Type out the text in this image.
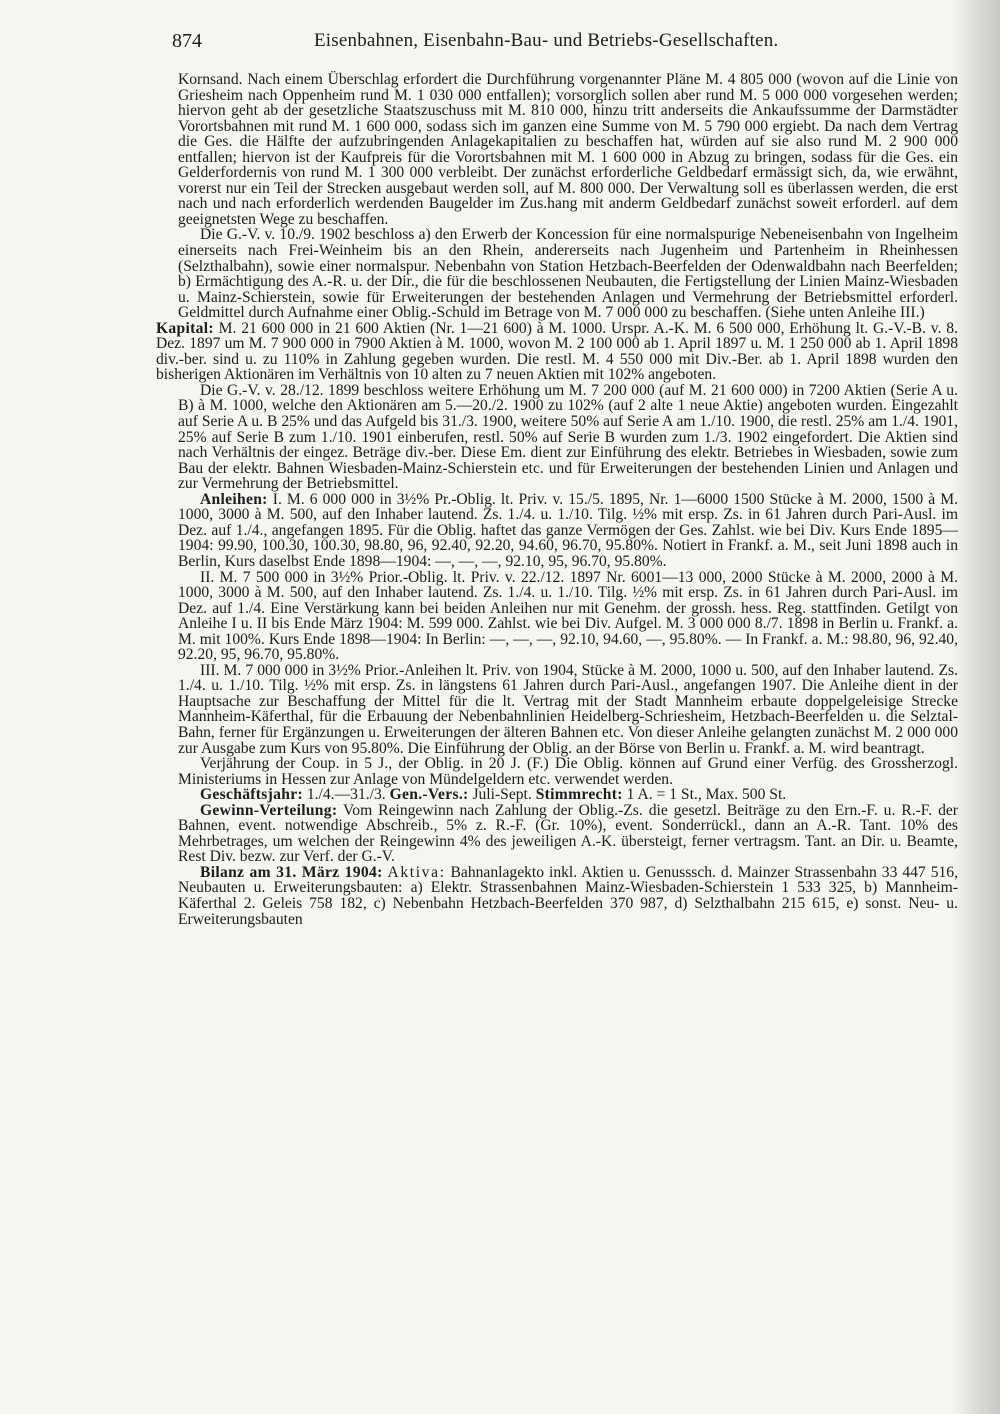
874	Eisenbahnen, Eisenbahn-Bau- und Betriebs-Gesellschaften.

Kornsand. Nach einem Überschlag erfordert die Durchführung vorgenannter Pläne M. 4 805 000 (wovon auf die Linie von Griesheim nach Oppenheim rund M. 1 030 000 entfallen); vorsorglich sollen aber rund M. 5 000 000 vorgesehen werden; hiervon geht ab der gesetzliche Staatszuschuss mit M. 810 000, hinzu tritt anderseits die Ankaufssumme der Darmstädter Vorortsbahnen mit rund M. 1 600 000, sodass sich im ganzen eine Summe von M. 5 790 000 ergiebt. Da nach dem Vertrag die Ges. die Hälfte der aufzubringenden Anlagekapitalien zu beschaffen hat, würden auf sie also rund M. 2 900 000 entfallen; hiervon ist der Kaufpreis für die Vorortsbahnen mit M. 1 600 000 in Abzug zu bringen, sodass für die Ges. ein Gelderfordernis von rund M. 1 300 000 verbleibt. Der zunächst erforderliche Geldbedarf ermässigt sich, da, wie erwähnt, vorerst nur ein Teil der Strecken ausgebaut werden soll, auf M. 800 000. Der Verwaltung soll es überlassen werden, die erst nach und nach erforderlich werdenden Baugelder im Zus.hang mit anderm Geldbedarf zunächst soweit erforderl. auf dem geeignetsten Wege zu beschaffen.

Die G.-V. v. 10./9. 1902 beschloss a) den Erwerb der Koncession für eine normalspurige Nebeneisenbahn von Ingelheim einerseits nach Frei-Weinheim bis an den Rhein, andererseits nach Jugenheim und Partenheim in Rheinhessen (Selzthalbahn), sowie einer normalspur. Nebenbahn von Station Hetzbach-Beerfelden der Odenwaldbahn nach Beerfelden; b) Ermächtigung des A.-R. u. der Dir., die für die beschlossenen Neubauten, die Fertigstellung der Linien Mainz-Wiesbaden u. Mainz-Schierstein, sowie für Erweiterungen der bestehenden Anlagen und Vermehrung der Betriebsmittel erforderl. Geldmittel durch Aufnahme einer Oblig.-Schuld im Betrage von M. 7 000 000 zu beschaffen. (Siehe unten Anleihe III.)

Kapital: M. 21 600 000 in 21 600 Aktien (Nr. 1—21 600) à M. 1000. Urspr. A.-K. M. 6 500 000, Erhöhung lt. G.-V.-B. v. 8. Dez. 1897 um M. 7 900 000 in 7900 Aktien à M. 1000, wovon M. 2 100 000 ab 1. April 1897 u. M. 1 250 000 ab 1. April 1898 div.-ber. sind u. zu 110% in Zahlung gegeben wurden. Die restl. M. 4 550 000 mit Div.-Ber. ab 1. April 1898 wurden den bisherigen Aktionären im Verhältnis von 10 alten zu 7 neuen Aktien mit 102% angeboten.

Die G.-V. v. 28./12. 1899 beschloss weitere Erhöhung um M. 7 200 000 (auf M. 21 600 000) in 7200 Aktien (Serie A u. B) à M. 1000, welche den Aktionären am 5.—20./2. 1900 zu 102% (auf 2 alte 1 neue Aktie) angeboten wurden. Eingezahlt auf Serie A u. B 25% und das Aufgeld bis 31./3. 1900, weitere 50% auf Serie A am 1./10. 1900, die restl. 25% am 1./4. 1901, 25% auf Serie B zum 1./10. 1901 einberufen, restl. 50% auf Serie B wurden zum 1./3. 1902 eingefordert. Die Aktien sind nach Verhältnis der eingez. Beträge div.-ber. Diese Em. dient zur Einführung des elektr. Betriebes in Wiesbaden, sowie zum Bau der elektr. Bahnen Wiesbaden-Mainz-Schierstein etc. und für Erweiterungen der bestehenden Linien und Anlagen und zur Vermehrung der Betriebsmittel.

Anleihen: I. M. 6 000 000 in 3½% Pr.-Oblig. lt. Priv. v. 15./5. 1895, Nr. 1—6000 1500 Stücke à M. 2000, 1500 à M. 1000, 3000 à M. 500, auf den Inhaber lautend. Zs. 1./4. u. 1./10. Tilg. ½% mit ersp. Zs. in 61 Jahren durch Pari-Ausl. im Dez. auf 1./4., angefangen 1895. Für die Oblig. haftet das ganze Vermögen der Ges. Zahlst. wie bei Div. Kurs Ende 1895—1904: 99.90, 100.30, 100.30, 98.80, 96, 92.40, 92.20, 94.60, 96.70, 95.80%. Notiert in Frankf. a. M., seit Juni 1898 auch in Berlin, Kurs daselbst Ende 1898—1904: —, —, —, 92.10, 95, 96.70, 95.80%.

II. M. 7 500 000 in 3½% Prior.-Oblig. lt. Priv. v. 22./12. 1897 Nr. 6001—13 000, 2000 Stücke à M. 2000, 2000 à M. 1000, 3000 à M. 500, auf den Inhaber lautend. Zs. 1./4. u. 1./10. Tilg. ½% mit ersp. Zs. in 61 Jahren durch Pari-Ausl. im Dez. auf 1./4. Eine Verstärkung kann bei beiden Anleihen nur mit Genehm. der grossh. hess. Reg. stattfinden. Getilgt von Anleihe I u. II bis Ende März 1904: M. 599 000. Zahlst. wie bei Div. Aufgel. M. 3 000 000 8./7. 1898 in Berlin u. Frankf. a. M. mit 100%. Kurs Ende 1898—1904: In Berlin: —, —, —, 92.10, 94.60, —, 95.80%. — In Frankf. a. M.: 98.80, 96, 92.40, 92.20, 95, 96.70, 95.80%.

III. M. 7 000 000 in 3½% Prior.-Anleihen lt. Priv. von 1904, Stücke à M. 2000, 1000 u. 500, auf den Inhaber lautend. Zs. 1./4. u. 1./10. Tilg. ½% mit ersp. Zs. in längstens 61 Jahren durch Pari-Ausl., angefangen 1907. Die Anleihe dient in der Hauptsache zur Beschaffung der Mittel für die lt. Vertrag mit der Stadt Mannheim erbaute doppelgeleisige Strecke Mannheim-Käferthal, für die Erbauung der Nebenbahnlinien Heidelberg-Schriesheim, Hetzbach-Beerfelden u. die Selztal-Bahn, ferner für Ergänzungen u. Erweiterungen der älteren Bahnen etc. Von dieser Anleihe gelangten zunächst M. 2 000 000 zur Ausgabe zum Kurs von 95.80%. Die Einführung der Oblig. an der Börse von Berlin u. Frankf. a. M. wird beantragt.

Verjährung der Coup. in 5 J., der Oblig. in 20 J. (F.) Die Oblig. können auf Grund einer Verfüg. des Grossherzogl. Ministeriums in Hessen zur Anlage von Mündelgeldern etc. verwendet werden.

Geschäftsjahr: 1./4.—31./3. Gen.-Vers.: Juli-Sept. Stimmrecht: 1 A. = 1 St., Max. 500 St.

Gewinn-Verteilung: Vom Reingewinn nach Zahlung der Oblig.-Zs. die gesetzl. Beiträge zu den Ern.-F. u. R.-F. der Bahnen, event. notwendige Abschreib., 5% z. R.-F. (Gr. 10%), event. Sonderrückl., dann an A.-R. Tant. 10% des Mehrbetrages, um welchen der Reingewinn 4% des jeweiligen A.-K. übersteigt, ferner vertragsm. Tant. an Dir. u. Beamte, Rest Div. bezw. zur Verf. der G.-V.

Bilanz am 31. März 1904: Aktiva: Bahnanlagekto inkl. Aktien u. Genusssch. d. Mainzer Strassenbahn 33 447 516, Neubauten u. Erweiterungsbauten: a) Elektr. Strassenbahnen Mainz-Wiesbaden-Schierstein 1 533 325, b) Mannheim-Käferthal 2. Geleis 758 182, c) Nebenbahn Hetzbach-Beerfelden 370 987, d) Selzthalbahn 215 615, e) sonst. Neu- u. Erweiterungsbauten
